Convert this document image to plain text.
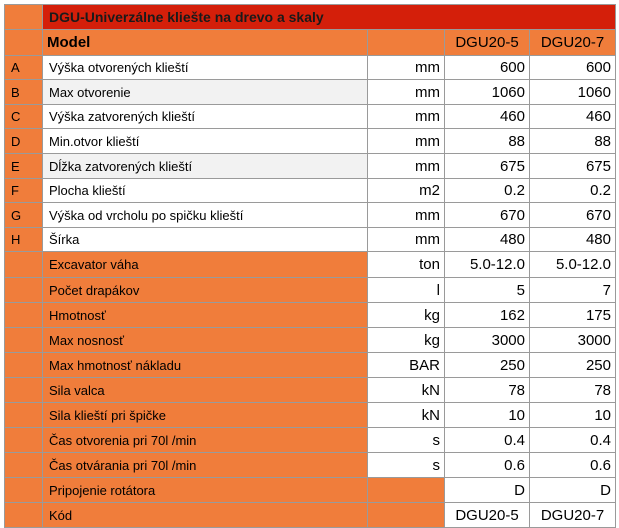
	DGU-Univerzálne kliešte na drevo a skaly			
	Model		DGU20-5	DGU20-7
A	Výška otvorených klieští	mm	600	600
B	Max otvorenie	mm	1060	1060
C	Výška zatvorených klieští	mm	460	460
D	Min.otvor klieští	mm	88	88
E	Dĺžka zatvorených klieští	mm	675	675
F	Plocha klieští	m2	0.2	0.2
G	Výška od vrcholu po spičku klieští	mm	670	670
H	Šírka	mm	480	480
	Excavator váha	ton	5.0-12.0	5.0-12.0
	Počet drapákov	l	5	7
	Hmotnosť	kg	162	175
	Max nosnosť	kg	3000	3000
	Max hmotnosť nákladu	BAR	250	250
	Sila valca	kN	78	78
	Sila klieští pri špičke	kN	10	10
	Čas otvorenia pri 70l /min	s	0.4	0.4
	Čas otvárania pri 70l /min	s	0.6	0.6
	Pripojenie rotátora		D	D
	Kód		DGU20-5	DGU20-7
